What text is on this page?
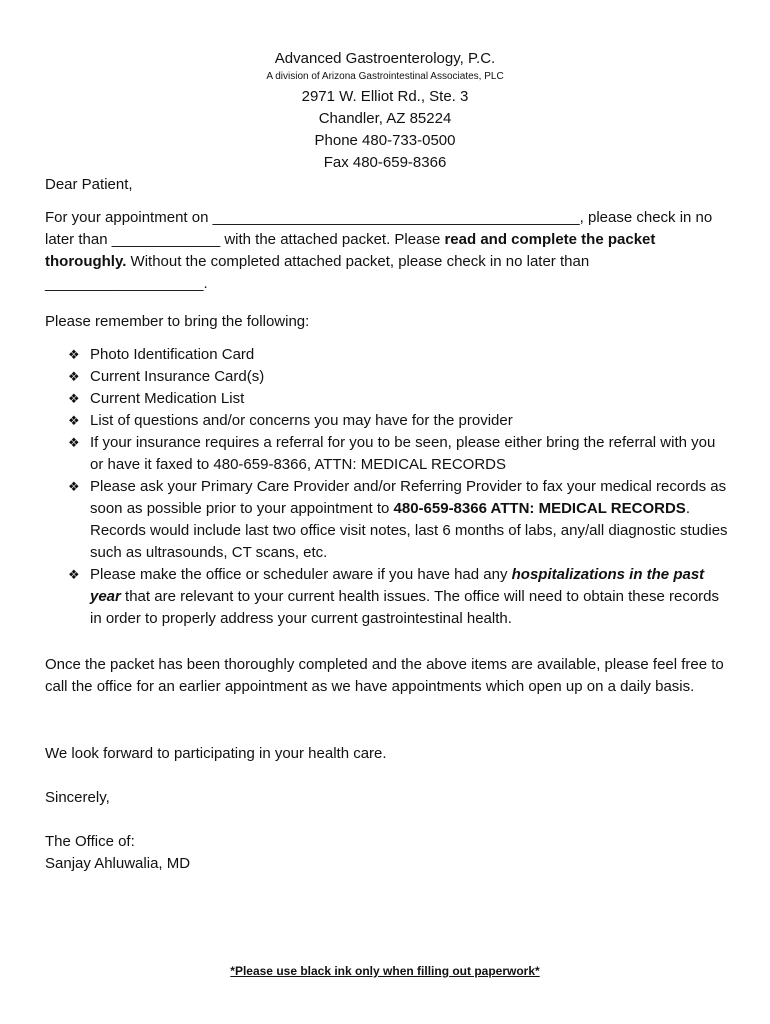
Advanced Gastroenterology, P.C.
A division of Arizona Gastrointestinal Associates, PLC
2971 W. Elliot Rd., Ste. 3
Chandler, AZ 85224
Phone 480-733-0500
Fax 480-659-8366
Dear Patient,
For your appointment on ____________________________________________, please check in no later than _____________ with the attached packet. Please read and complete the packet thoroughly. Without the completed attached packet, please check in no later than ___________________.
Please remember to bring the following:
❖ Photo Identification Card
❖ Current Insurance Card(s)
❖ Current Medication List
❖ List of questions and/or concerns you may have for the provider
❖ If your insurance requires a referral for you to be seen, please either bring the referral with you or have it faxed to 480-659-8366, ATTN: MEDICAL RECORDS
❖ Please ask your Primary Care Provider and/or Referring Provider to fax your medical records as soon as possible prior to your appointment to 480-659-8366 ATTN: MEDICAL RECORDS. Records would include last two office visit notes, last 6 months of labs, any/all diagnostic studies such as ultrasounds, CT scans, etc.
❖ Please make the office or scheduler aware if you have had any hospitalizations in the past year that are relevant to your current health issues. The office will need to obtain these records in order to properly address your current gastrointestinal health.
Once the packet has been thoroughly completed and the above items are available, please feel free to call the office for an earlier appointment as we have appointments which open up on a daily basis.
We look forward to participating in your health care.
Sincerely,
The Office of:
Sanjay Ahluwalia, MD
*Please use black ink only when filling out paperwork*
